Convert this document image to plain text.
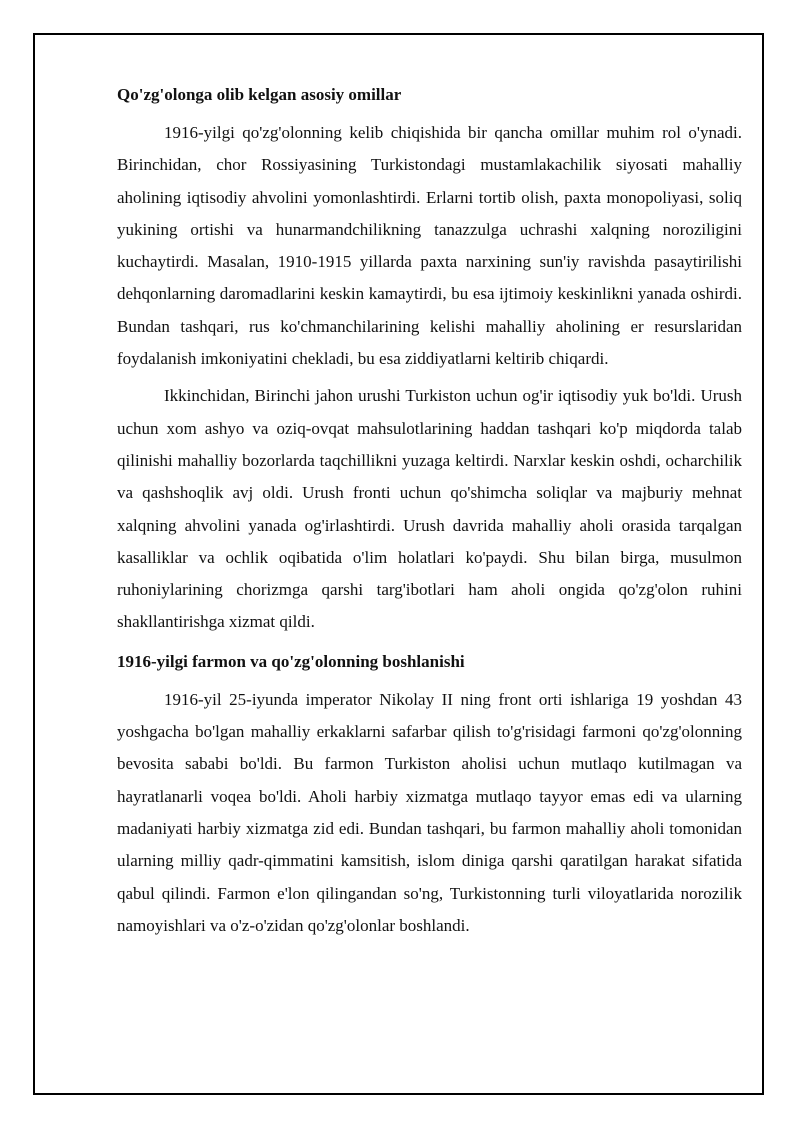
Qo'zg'olonga olib kelgan asosiy omillar

1916-yilgi qo'zg'olonning kelib chiqishida bir qancha omillar muhim rol o'ynadi. Birinchidan, chor Rossiyasining Turkistondagi mustamlakachilik siyosati mahalliy aholining iqtisodiy ahvolini yomonlashtirdi. Erlarni tortib olish, paxta monopoliyasi, soliq yukining ortishi va hunarmandchilikning tanazzulga uchrashi xalqning noroziligini kuchaytirdi. Masalan, 1910-1915 yillarda paxta narxining sun'iy ravishda pasaytirilishi dehqonlarning daromadlarini keskin kamaytirdi, bu esa ijtimoiy keskinlikni yanada oshirdi. Bundan tashqari, rus ko'chmanchilarining kelishi mahalliy aholining er resurslaridan foydalanish imkoniyatini chekladi, bu esa ziddiyatlarni keltirib chiqardi.

Ikkinchidan, Birinchi jahon urushi Turkiston uchun og'ir iqtisodiy yuk bo'ldi. Urush uchun xom ashyo va oziq-ovqat mahsulotlarining haddan tashqari ko'p miqdorda talab qilinishi mahalliy bozorlarda taqchillikni yuzaga keltirdi. Narxlar keskin oshdi, ocharchilik va qashshoqlik avj oldi. Urush fronti uchun qo'shimcha soliqlar va majburiy mehnat xalqning ahvolini yanada og'irlashtirdi. Urush davrida mahalliy aholi orasida tarqalgan kasalliklar va ochlik oqibatida o'lim holatlari ko'paydi. Shu bilan birga, musulmon ruhoniylarining chorizmga qarshi targ'ibotlari ham aholi ongida qo'zg'olon ruhini shakllantirishga xizmat qildi.

1916-yilgi farmon va qo'zg'olonning boshlanishi

1916-yil 25-iyunda imperator Nikolay II ning front orti ishlariga 19 yoshdan 43 yoshgacha bo'lgan mahalliy erkaklarni safarbar qilish to'g'risidagi farmoni qo'zg'olonning bevosita sababi bo'ldi. Bu farmon Turkiston aholisi uchun mutlaqo kutilmagan va hayratlanarli voqea bo'ldi. Aholi harbiy xizmatga mutlaqo tayyor emas edi va ularning madaniyati harbiy xizmatga zid edi. Bundan tashqari, bu farmon mahalliy aholi tomonidan ularning milliy qadr-qimmatini kamsitish, islom diniga qarshi qaratilgan harakat sifatida qabul qilindi. Farmon e'lon qilingandan so'ng, Turkistonning turli viloyatlarida norozilik namoyishlari va o'z-o'zidan qo'zg'olonlar boshlandi.
